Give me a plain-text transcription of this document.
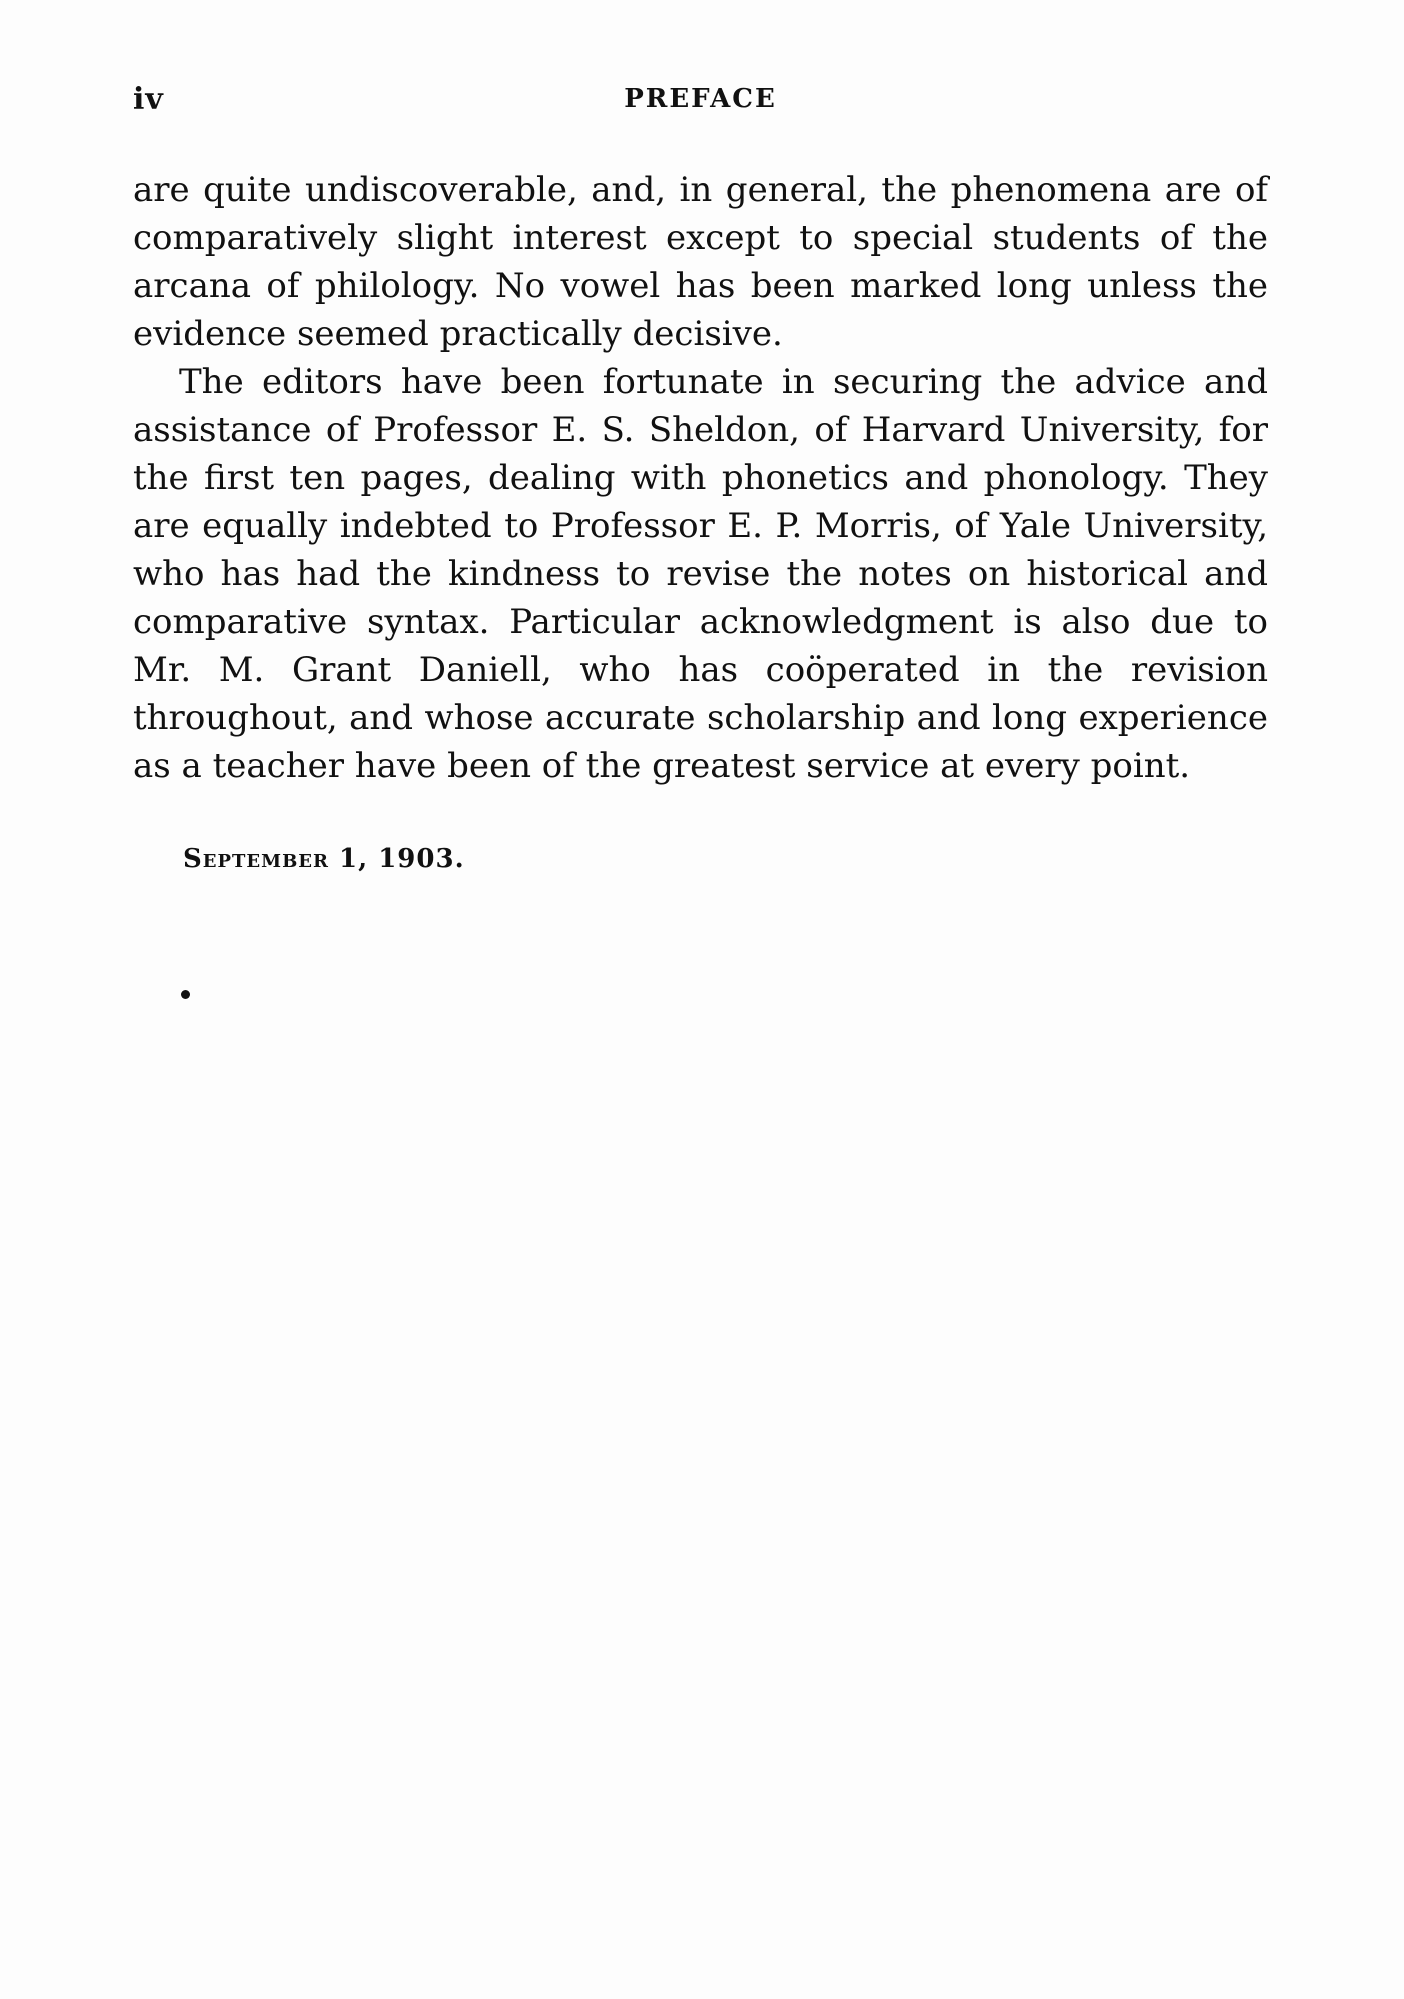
iv	PREFACE

are quite undiscoverable, and, in general, the phenomena are of comparatively slight interest except to special students of the arcana of philology. No vowel has been marked long unless the evidence seemed practically decisive.

The editors have been fortunate in securing the advice and assistance of Professor E. S. Sheldon, of Harvard University, for the first ten pages, dealing with phonetics and phonology. They are equally indebted to Professor E. P. Morris, of Yale University, who has had the kindness to revise the notes on historical and comparative syntax. Particular acknowledgment is also due to Mr. M. Grant Daniell, who has coöperated in the revision throughout, and whose accurate scholarship and long experience as a teacher have been of the greatest service at every point.

September 1, 1903.
